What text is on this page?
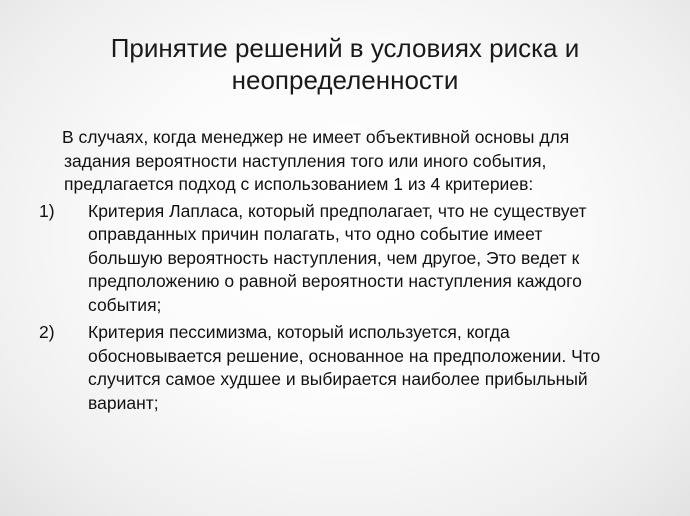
Принятие решений в условиях риска и
неопределенности
В случаях, когда менеджер не имеет объективной основы для
задания вероятности наступления того или иного события,
предлагается подход с использованием 1 из 4 критериев:
1) Критерия Лапласа, который предполагает, что не существует
оправданных причин полагать, что одно событие имеет
большую вероятность наступления, чем другое, Это ведет к
предположению о равной вероятности наступления каждого
события;
2) Критерия пессимизма, который используется, когда
обосновывается решение, основанное на предположении. Что
случится самое худшее и выбирается наиболее прибыльный
вариант;
